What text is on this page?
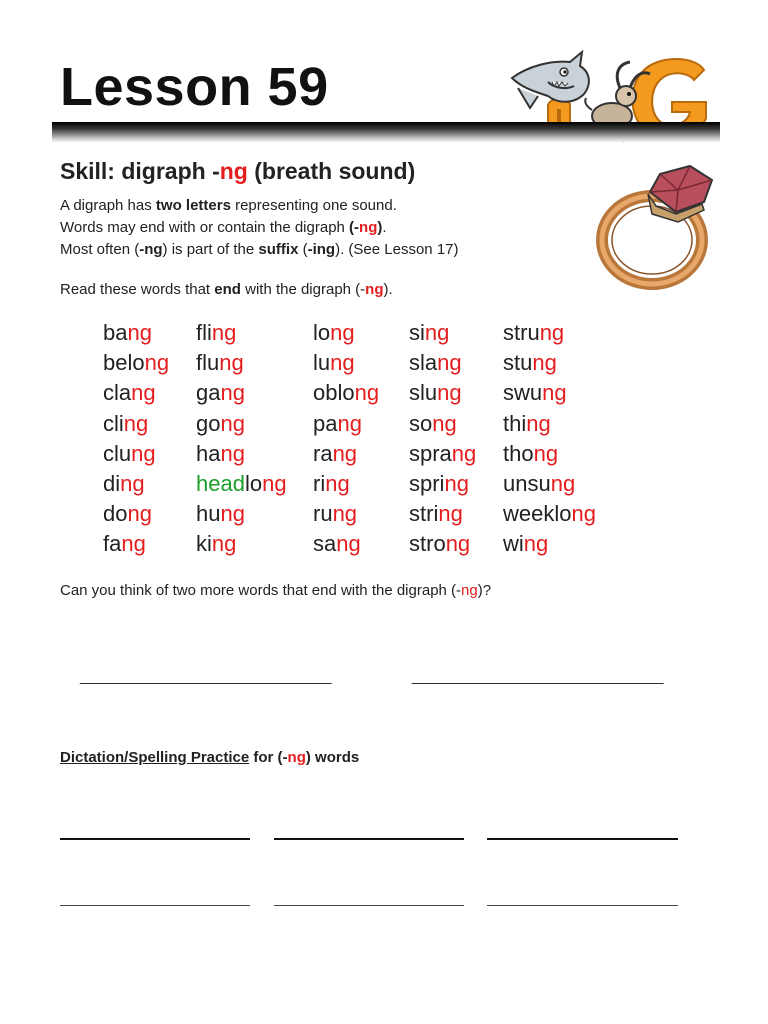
Lesson 59
Skill: digraph -ng (breath sound)
A digraph has two letters representing one sound.
Words may end with or contain the digraph (-ng).
Most often (-ng) is part of the suffix (-ing). (See Lesson 17)
Read these words that end with the digraph (-ng).
bang
belong
clang
cling
clung
ding
dong
fang
fling
flung
gang
gong
hang
headlong
hung
king
long
lung
oblong
pang
rang
ring
rung
sang
sing
slang
slung
song
sprang
spring
string
strong
strung
stung
swung
thing
thong
unsung
weeklong
wing
Can you think of two more words that end with the digraph (-ng)?
________________________________	________________________________
Dictation/Spelling Practice for (-ng) words
